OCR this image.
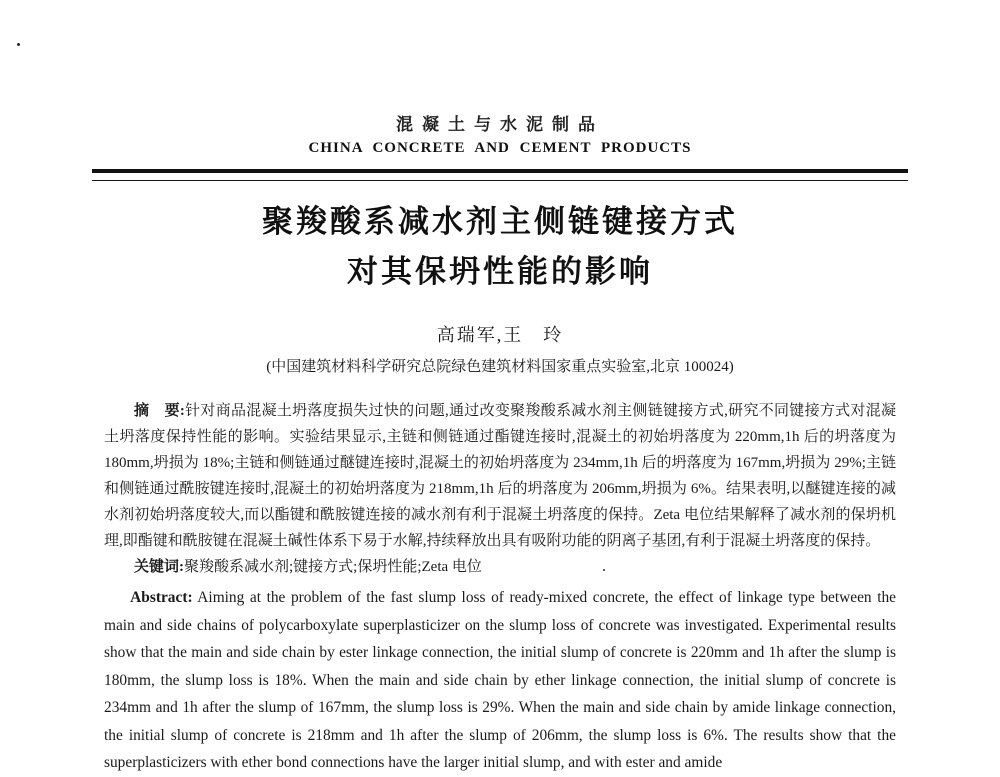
混凝土与水泥制品
CHINA CONCRETE AND CEMENT PRODUCTS
聚羧酸系减水剂主侧链键接方式
对其保坍性能的影响
高瑞军,王　玲
(中国建筑材料科学研究总院绿色建筑材料国家重点实验室,北京 100024)

摘　要:针对商品混凝土坍落度损失过快的问题,通过改变聚羧酸系减水剂主侧链键接方式,研究不同键接方式对混凝土坍落度保持性能的影响。实验结果显示,主链和侧链通过酯键连接时,混凝土的初始坍落度为 220mm,1h 后的坍落度为 180mm,坍损为 18%;主链和侧链通过醚键连接时,混凝土的初始坍落度为 234mm,1h 后的坍落度为 167mm,坍损为 29%;主链和侧链通过酰胺键连接时,混凝土的初始坍落度为 218mm,1h 后的坍落度为 206mm,坍损为 6%。结果表明,以醚键连接的减水剂初始坍落度较大,而以酯键和酰胺键连接的减水剂有利于混凝土坍落度的保持。Zeta 电位结果解释了减水剂的保坍机理,即酯键和酰胺键在混凝土碱性体系下易于水解,持续释放出具有吸附功能的阴离子基团,有利于混凝土坍落度的保持。

关键词:聚羧酸系减水剂;键接方式;保坍性能;Zeta 电位

Abstract: Aiming at the problem of the fast slump loss of ready-mixed concrete, the effect of linkage type between the main and side chains of polycarboxylate superplasticizer on the slump loss of concrete was investigated. Experimental results show that the main and side chain by ester linkage connection, the initial slump of concrete is 220mm and 1h after the slump is 180mm, the slump loss is 18%. When the main and side chain by ether linkage connection, the initial slump of concrete is 234mm and 1h after the slump of 167mm, the slump loss is 29%. When the main and side chain by amide linkage connection, the initial slump of concrete is 218mm and 1h after the slump of 206mm, the slump loss is 6%. The results show that the superplasticizers with ether bond connections have the larger initial slump, and with ester and amide
